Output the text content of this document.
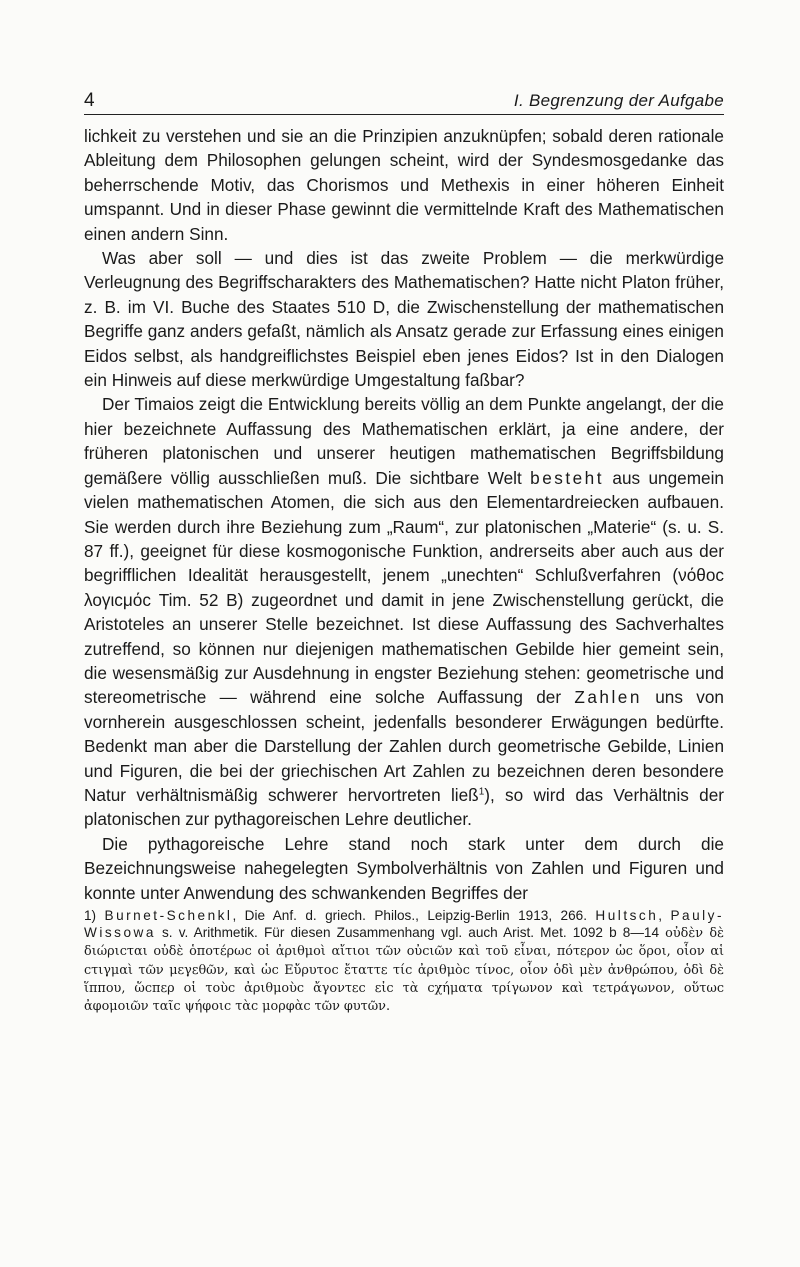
4	I. Begrenzung der Aufgabe

lichkeit zu verstehen und sie an die Prinzipien anzuknüpfen; sobald deren rationale Ableitung dem Philosophen gelungen scheint, wird der Syndesmosgedanke das beherrschende Motiv, das Chorismos und Methexis in einer höheren Einheit umspannt. Und in dieser Phase gewinnt die vermittelnde Kraft des Mathematischen einen andern Sinn.

Was aber soll — und dies ist das zweite Problem — die merkwürdige Verleugnung des Begriffscharakters des Mathematischen? Hatte nicht Platon früher, z. B. im VI. Buche des Staates 510 D, die Zwischenstellung der mathematischen Begriffe ganz anders gefaßt, nämlich als Ansatz gerade zur Erfassung eines einigen Eidos selbst, als handgreiflichstes Beispiel eben jenes Eidos? Ist in den Dialogen ein Hinweis auf diese merkwürdige Umgestaltung faßbar?

Der Timaios zeigt die Entwicklung bereits völlig an dem Punkte angelangt, der die hier bezeichnete Auffassung des Mathematischen erklärt, ja eine andere, der früheren platonischen und unserer heutigen mathematischen Begriffsbildung gemäßere völlig ausschließen muß. Die sichtbare Welt besteht aus ungemein vielen mathematischen Atomen, die sich aus den Elementardreiecken aufbauen. Sie werden durch ihre Beziehung zum „Raum“, zur platonischen „Materie“ (s. u. S. 87 ff.), geeignet für diese kosmogonische Funktion, andrerseits aber auch aus der begrifflichen Idealität herausgestellt, jenem „unechten“ Schlußverfahren (νόθοϲ λογιϲμόϲ Tim. 52 B) zugeordnet und damit in jene Zwischenstellung gerückt, die Aristoteles an unserer Stelle bezeichnet. Ist diese Auffassung des Sachverhaltes zutreffend, so können nur diejenigen mathematischen Gebilde hier gemeint sein, die wesensmäßig zur Ausdehnung in engster Beziehung stehen: geometrische und stereometrische — während eine solche Auffassung der Zahlen uns von vornherein ausgeschlossen scheint, jedenfalls besonderer Erwägungen bedürfte. Bedenkt man aber die Darstellung der Zahlen durch geometrische Gebilde, Linien und Figuren, die bei der griechischen Art Zahlen zu bezeichnen deren besondere Natur verhältnismäßig schwerer hervortreten ließ$^1$), so wird das Verhältnis der platonischen zur pythagoreischen Lehre deutlicher.

Die pythagoreische Lehre stand noch stark unter dem durch die Bezeichnungsweise nahegelegten Symbolverhältnis von Zahlen und Figuren und konnte unter Anwendung des schwankenden Begriffes der

1) Burnet-Schenkl, Die Anf. d. griech. Philos., Leipzig-Berlin 1913, 266. Hultsch, Pauly-Wissowa s. v. Arithmetik. Für diesen Zusammenhang vgl. auch Arist. Met. 1092 b 8—14 οὐδὲν δὲ διώριϲται οὐδὲ ὁποτέρωϲ οἱ ἀριθμοὶ αἴτιοι τῶν οὐϲιῶν καὶ τοῦ εἶναι, πότερον ὡϲ ὅροι, οἷον αἱ ϲτιγμαὶ τῶν μεγεθῶν, καὶ ὡϲ Εὔρυτοϲ ἔταττε τίϲ ἀριθμὸϲ τίνοϲ, οἷον ὁδὶ μὲν ἀνθρώπου, ὁδὶ δὲ ἵππου, ὥϲπερ οἱ τοὺϲ ἀριθμοὺϲ ἄγοντεϲ εἰϲ τὰ ϲχήματα τρίγωνον καὶ τετράγωνον, οὕτωϲ ἀφομοιῶν ταῖϲ ψήφοιϲ τὰϲ μορφὰϲ τῶν φυτῶν.
